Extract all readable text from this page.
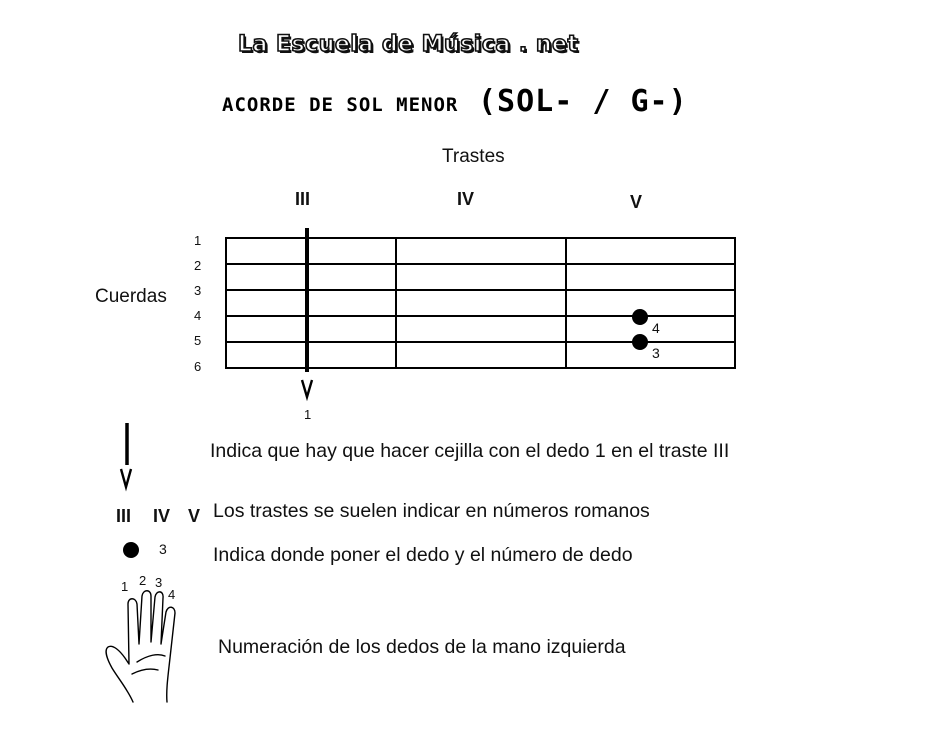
La Escuela de Música . net
ACORDE DE SOL MENOR (SOL- / G-)
Trastes
Cuerdas
III	IV	V
1
2
3
4
5
6
4
3
1
Indica que hay que hacer cejilla con el dedo 1 en el traste III
III IV V Los trastes se suelen indicar en números romanos
3 Indica donde poner el dedo y el número de dedo
1 2 3
4
Numeración de los dedos de la mano izquierda
